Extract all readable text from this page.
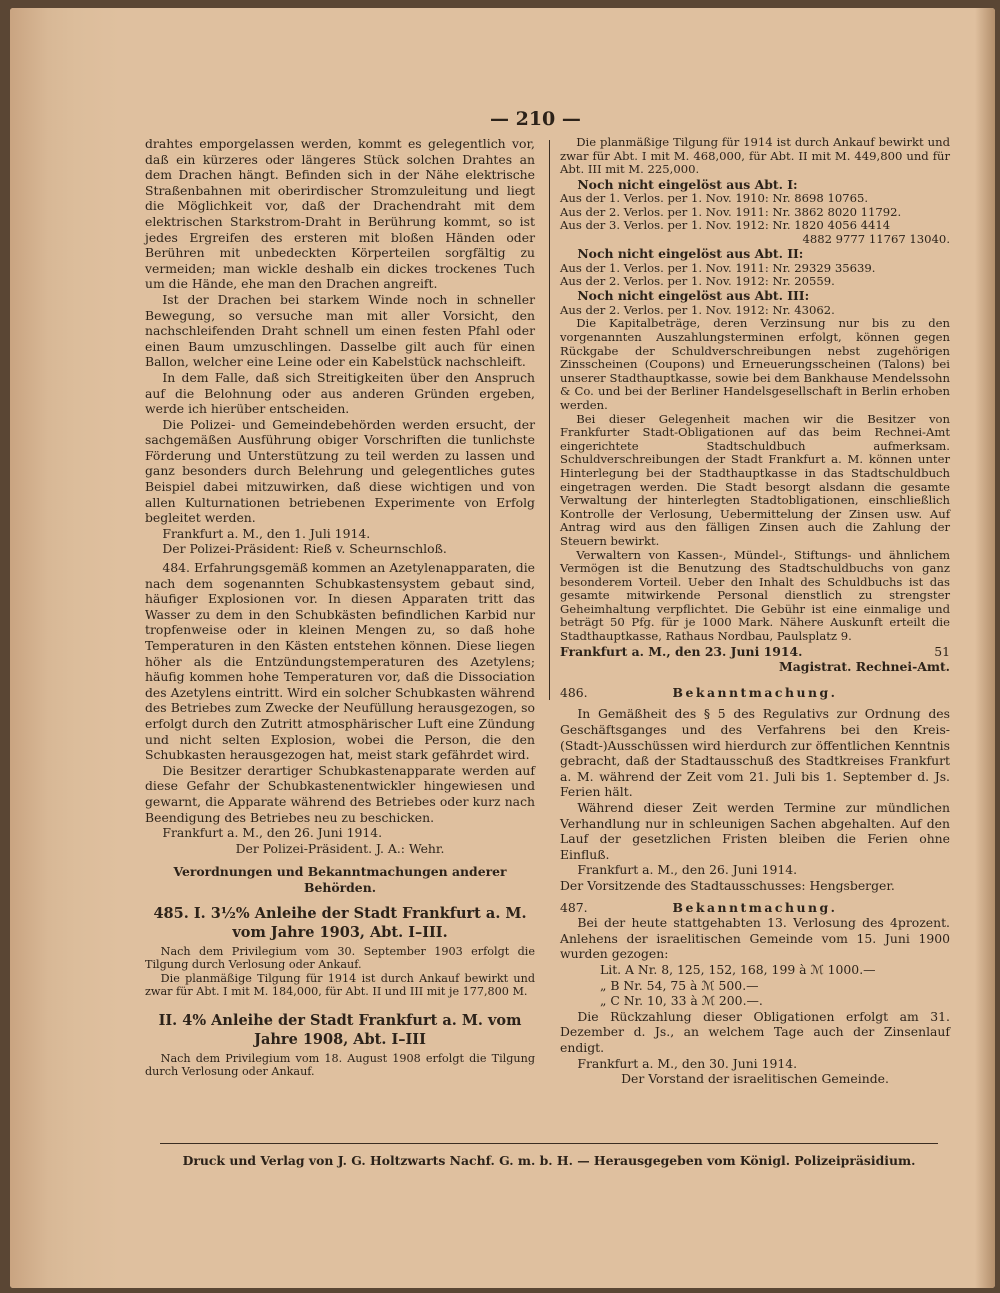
— 210 —

drahtes emporgelassen werden, kommt es gelegentlich vor, daß ein kürzeres oder längeres Stück solchen Drahtes an dem Drachen hängt. Befinden sich in der Nähe elektrische Straßenbahnen mit oberirdischer Stromzuleitung und liegt die Möglichkeit vor, daß der Drachendraht mit dem elektrischen Starkstrom-Draht in Berührung kommt, so ist jedes Ergreifen des ersteren mit bloßen Händen oder Berühren mit unbedeckten Körperteilen sorgfältig zu vermeiden; man wickle deshalb ein dickes trockenes Tuch um die Hände, ehe man den Drachen angreift.

Ist der Drachen bei starkem Winde noch in schneller Bewegung, so versuche man mit aller Vorsicht, den nachschleifenden Draht schnell um einen festen Pfahl oder einen Baum umzuschlingen. Dasselbe gilt auch für einen Ballon, welcher eine Leine oder ein Kabelstück nachschleift.

In dem Falle, daß sich Streitigkeiten über den Anspruch auf die Belohnung oder aus anderen Gründen ergeben, werde ich hierüber entscheiden.

Die Polizei- und Gemeindebehörden werden ersucht, der sachgemäßen Ausführung obiger Vorschriften die tunlichste Förderung und Unterstützung zu teil werden zu lassen und ganz besonders durch Belehrung und gelegentliches gutes Beispiel dabei mitzuwirken, daß diese wichtigen und von allen Kulturnationen betriebenen Experimente von Erfolg begleitet werden.

Frankfurt a. M., den 1. Juli 1914.

Der Polizei-Präsident: Rieß v. Scheurnschloß.

484. Erfahrungsgemäß kommen an Azetylenapparaten, die nach dem sogenannten Schubkastensystem gebaut sind, häufiger Explosionen vor. In diesen Apparaten tritt das Wasser zu dem in den Schubkästen befindlichen Karbid nur tropfenweise oder in kleinen Mengen zu, so daß hohe Temperaturen in den Kästen entstehen können. Diese liegen höher als die Entzündungstemperaturen des Azetylens; häufig kommen hohe Temperaturen vor, daß die Dissociation des Azetylens eintritt. Wird ein solcher Schubkasten während des Betriebes zum Zwecke der Neufüllung herausgezogen, so erfolgt durch den Zutritt atmosphärischer Luft eine Zündung und nicht selten Explosion, wobei die Person, die den Schubkasten herausgezogen hat, meist stark gefährdet wird.

Die Besitzer derartiger Schubkastenapparate werden auf diese Gefahr der Schubkastenentwickler hingewiesen und gewarnt, die Apparate während des Betriebes oder kurz nach Beendigung des Betriebes neu zu beschicken.

Frankfurt a. M., den 26. Juni 1914.

Der Polizei-Präsident. J. A.: Wehr.

Verordnungen und Bekanntmachungen anderer Behörden.

485. I. 3½% Anleihe der Stadt Frankfurt a. M. vom Jahre 1903, Abt. I–III.

Nach dem Privilegium vom 30. September 1903 erfolgt die Tilgung durch Verlosung oder Ankauf.

Die planmäßige Tilgung für 1914 ist durch Ankauf bewirkt und zwar für Abt. I mit M. 184,000, für Abt. II und III mit je 177,800 M.

II. 4% Anleihe der Stadt Frankfurt a. M. vom Jahre 1908, Abt. I–III

Nach dem Privilegium vom 18. August 1908 erfolgt die Tilgung durch Verlosung oder Ankauf.

Die planmäßige Tilgung für 1914 ist durch Ankauf bewirkt und zwar für Abt. I mit M. 468,000, für Abt. II mit M. 449,800 und für Abt. III mit M. 225,000.

Noch nicht eingelöst aus Abt. I:

Aus der 1. Verlos. per 1. Nov. 1910: Nr. 8698 10765.

Aus der 2. Verlos. per 1. Nov. 1911: Nr. 3862 8020 11792.

Aus der 3. Verlos. per 1. Nov. 1912: Nr. 1820 4056 4414

4882 9777 11767 13040.

Noch nicht eingelöst aus Abt. II:

Aus der 1. Verlos. per 1. Nov. 1911: Nr. 29329 35639.

Aus der 2. Verlos. per 1. Nov. 1912: Nr. 20559.

Noch nicht eingelöst aus Abt. III:

Aus der 2. Verlos. per 1. Nov. 1912: Nr. 43062.

Die Kapitalbeträge, deren Verzinsung nur bis zu den vorgenannten Auszahlungsterminen erfolgt, können gegen Rückgabe der Schuldverschreibungen nebst zugehörigen Zinsscheinen (Coupons) und Erneuerungsscheinen (Talons) bei unserer Stadthauptkasse, sowie bei dem Bankhause Mendelssohn & Co. und bei der Berliner Handelsgesellschaft in Berlin erhoben werden.

Bei dieser Gelegenheit machen wir die Besitzer von Frankfurter Stadt-Obligationen auf das beim Rechnei-Amt eingerichtete Stadtschuldbuch aufmerksam. Schuldverschreibungen der Stadt Frankfurt a. M. können unter Hinterlegung bei der Stadthauptkasse in das Stadtschuldbuch eingetragen werden. Die Stadt besorgt alsdann die gesamte Verwaltung der hinterlegten Stadtobligationen, einschließlich Kontrolle der Verlosung, Uebermittelung der Zinsen usw. Auf Antrag wird aus den fälligen Zinsen auch die Zahlung der Steuern bewirkt.

Verwaltern von Kassen-, Mündel-, Stiftungs- und ähnlichem Vermögen ist die Benutzung des Stadtschuldbuchs von ganz besonderem Vorteil. Ueber den Inhalt des Schuldbuchs ist das gesamte mitwirkende Personal dienstlich zu strengster Geheimhaltung verpflichtet. Die Gebühr ist eine einmalige und beträgt 50 Pfg. für je 1000 Mark. Nähere Auskunft erteilt die Stadthauptkasse, Rathaus Nordbau, Paulsplatz 9.

Frankfurt a. M., den 23. Juni 1914.	51

Magistrat. Rechnei-Amt.

486.	Bekanntmachung.

In Gemäßheit des § 5 des Regulativs zur Ordnung des Geschäftsganges und des Verfahrens bei den Kreis- (Stadt-)Ausschüssen wird hierdurch zur öffentlichen Kenntnis gebracht, daß der Stadtausschuß des Stadtkreises Frankfurt a. M. während der Zeit vom 21. Juli bis 1. September d. Js. Ferien hält.

Während dieser Zeit werden Termine zur mündlichen Verhandlung nur in schleunigen Sachen abgehalten. Auf den Lauf der gesetzlichen Fristen bleiben die Ferien ohne Einfluß.

Frankfurt a. M., den 26. Juni 1914.

Der Vorsitzende des Stadtausschusses: Hengsberger.

487.	Bekanntmachung.

Bei der heute stattgehabten 13. Verlosung des 4prozent. Anlehens der israelitischen Gemeinde vom 15. Juni 1900 wurden gezogen:

Lit. A Nr. 8, 125, 152, 168, 199 à ℳ 1000.—

„ B Nr. 54, 75 à ℳ 500.—

„ C Nr. 10, 33 à ℳ 200.—.

Die Rückzahlung dieser Obligationen erfolgt am 31. Dezember d. Js., an welchem Tage auch der Zinsenlauf endigt.

Frankfurt a. M., den 30. Juni 1914.

Der Vorstand der israelitischen Gemeinde.

Druck und Verlag von J. G. Holtzwarts Nachf. G. m. b. H. — Herausgegeben vom Königl. Polizeipräsidium.
